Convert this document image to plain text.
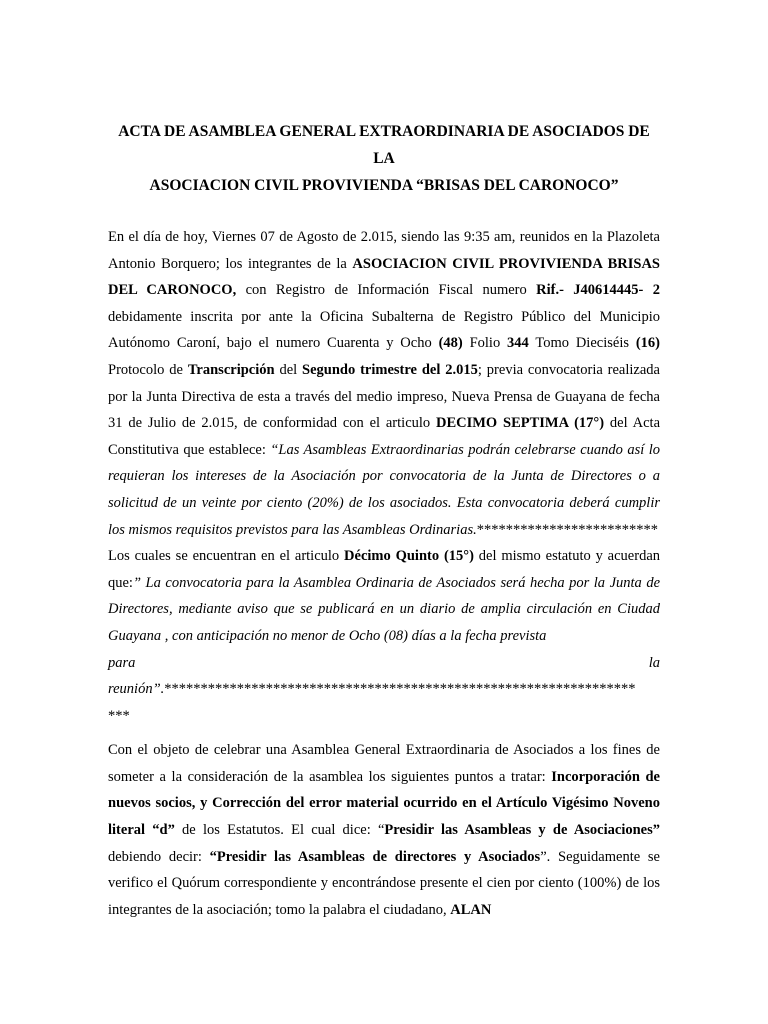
ACTA DE ASAMBLEA GENERAL EXTRAORDINARIA DE ASOCIADOS DE LA
ASOCIACION CIVIL PROVIVIENDA “BRISAS DEL CARONOCO”

En el día de hoy, Viernes 07 de Agosto de 2.015, siendo las 9:35 am, reunidos en la Plazoleta Antonio Borquero; los integrantes de la ASOCIACION CIVIL PROVIVIENDA BRISAS DEL CARONOCO, con Registro de Información Fiscal numero Rif.- J40614445- 2 debidamente inscrita por ante la Oficina Subalterna de Registro Público del Municipio Autónomo Caroní, bajo el numero Cuarenta y Ocho (48) Folio 344 Tomo Dieciséis (16) Protocolo de Transcripción del Segundo trimestre del 2.015; previa convocatoria realizada por la Junta Directiva de esta a través del medio impreso, Nueva Prensa de Guayana de fecha 31 de Julio de 2.015, de conformidad con el articulo DECIMO SEPTIMA (17°) del Acta Constitutiva que establece: “Las Asambleas Extraordinarias podrán celebrarse cuando así lo requieran los intereses de la Asociación por convocatoria de la Junta de Directores o a solicitud de un veinte por ciento (20%) de los asociados. Esta convocatoria deberá cumplir los mismos requisitos previstos para las Asambleas Ordinarias.*************************

Los cuales se encuentran en el articulo Décimo Quinto (15°) del mismo estatuto y acuerdan que:” La convocatoria para la Asamblea Ordinaria de Asociados será hecha por la Junta de Directores, mediante aviso que se publicará en un diario de amplia circulación en Ciudad Guayana , con anticipación no menor de Ocho (08) días a la fecha prevista

para	la
reunión”.*****************************************************************
***

Con el objeto de celebrar una Asamblea General Extraordinaria de Asociados a los fines de someter a la consideración de la asamblea los siguientes puntos a tratar: Incorporación de nuevos socios, y Corrección del error material ocurrido en el Artículo Vigésimo Noveno literal “d” de los Estatutos. El cual dice: “Presidir las Asambleas y de Asociaciones” debiendo decir: “Presidir las Asambleas de directores y Asociados”. Seguidamente se verifico el Quórum correspondiente y encontrándose presente el cien por ciento (100%) de los integrantes de la asociación; tomo la palabra el ciudadano, ALAN
